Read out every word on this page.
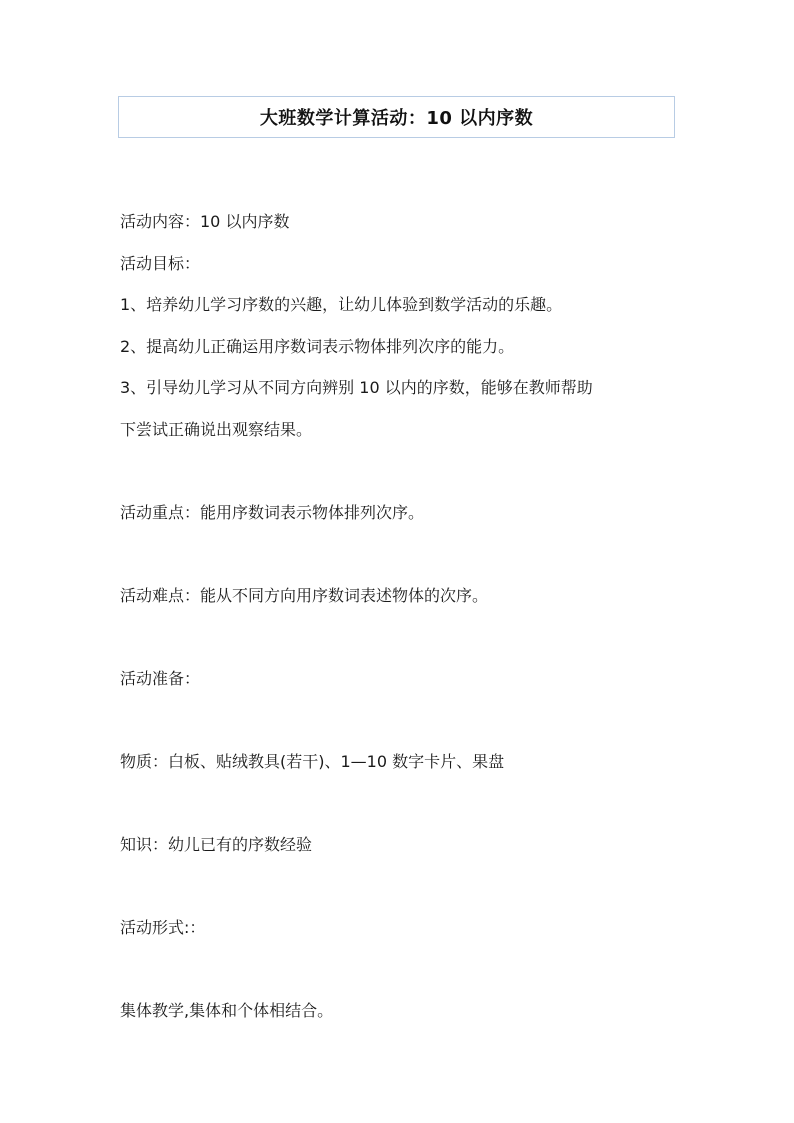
大班数学计算活动：10 以内序数
活动内容：10 以内序数
活动目标：
1、培养幼儿学习序数的兴趣，让幼儿体验到数学活动的乐趣。
2、提高幼儿正确运用序数词表示物体排列次序的能力。
3、引导幼儿学习从不同方向辨别 10 以内的序数，能够在教师帮助
下尝试正确说出观察结果。
活动重点：能用序数词表示物体排列次序。
活动难点：能从不同方向用序数词表述物体的次序。
活动准备：
物质：白板、贴绒教具(若干)、1—10 数字卡片、果盘
知识：幼儿已有的序数经验
活动形式:：
集体教学,集体和个体相结合。
